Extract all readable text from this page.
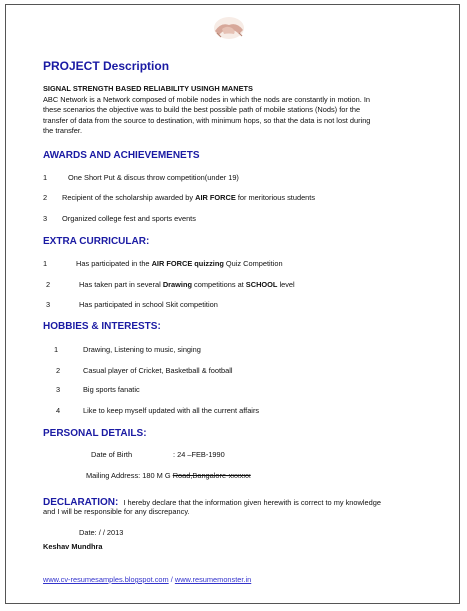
PROJECT Description
SIGNAL STRENGTH BASED RELIABILITY USINGH MANETS
ABC Network is a Network composed of mobile nodes in which the nods are constantly in motion. In
these scenarios the objective was to build the best possible path of mobile stations (Nods) for the
transfer of data from the source to destination, with minimum hops, so that the data is not lost during
the transfer.
AWARDS AND ACHIEVEMENETS
1	One Short Put & discus throw competition(under 19)
2 Recipient of the scholarship awarded by AIR FORCE for meritorious students
3 Organized college fest and sports events
EXTRA CURRICULAR:
1	Has participated in the AIR FORCE quizzing Quiz Competition
2	Has taken part in several Drawing competitions at SCHOOL level
3	Has participated in school Skit competition
HOBBIES & INTERESTS:
1	Drawing, Listening to music, singing
2	Casual player of Cricket, Basketball & football
3	Big sports fanatic
4	Like to keep myself updated with all the current affairs
PERSONAL DETAILS:
Date of Birth	: 24 –FEB-1990
Mailing Address: 180 M G Road,Bangalore-xxxxxx
DECLARATION: I hereby declare that the information given herewith is correct to my knowledge
and I will be responsible for any discrepancy.
Date: / / 2013
Keshav Mundhra
www.cv-resumesamples.blogspot.com / www.resumemonster.in
